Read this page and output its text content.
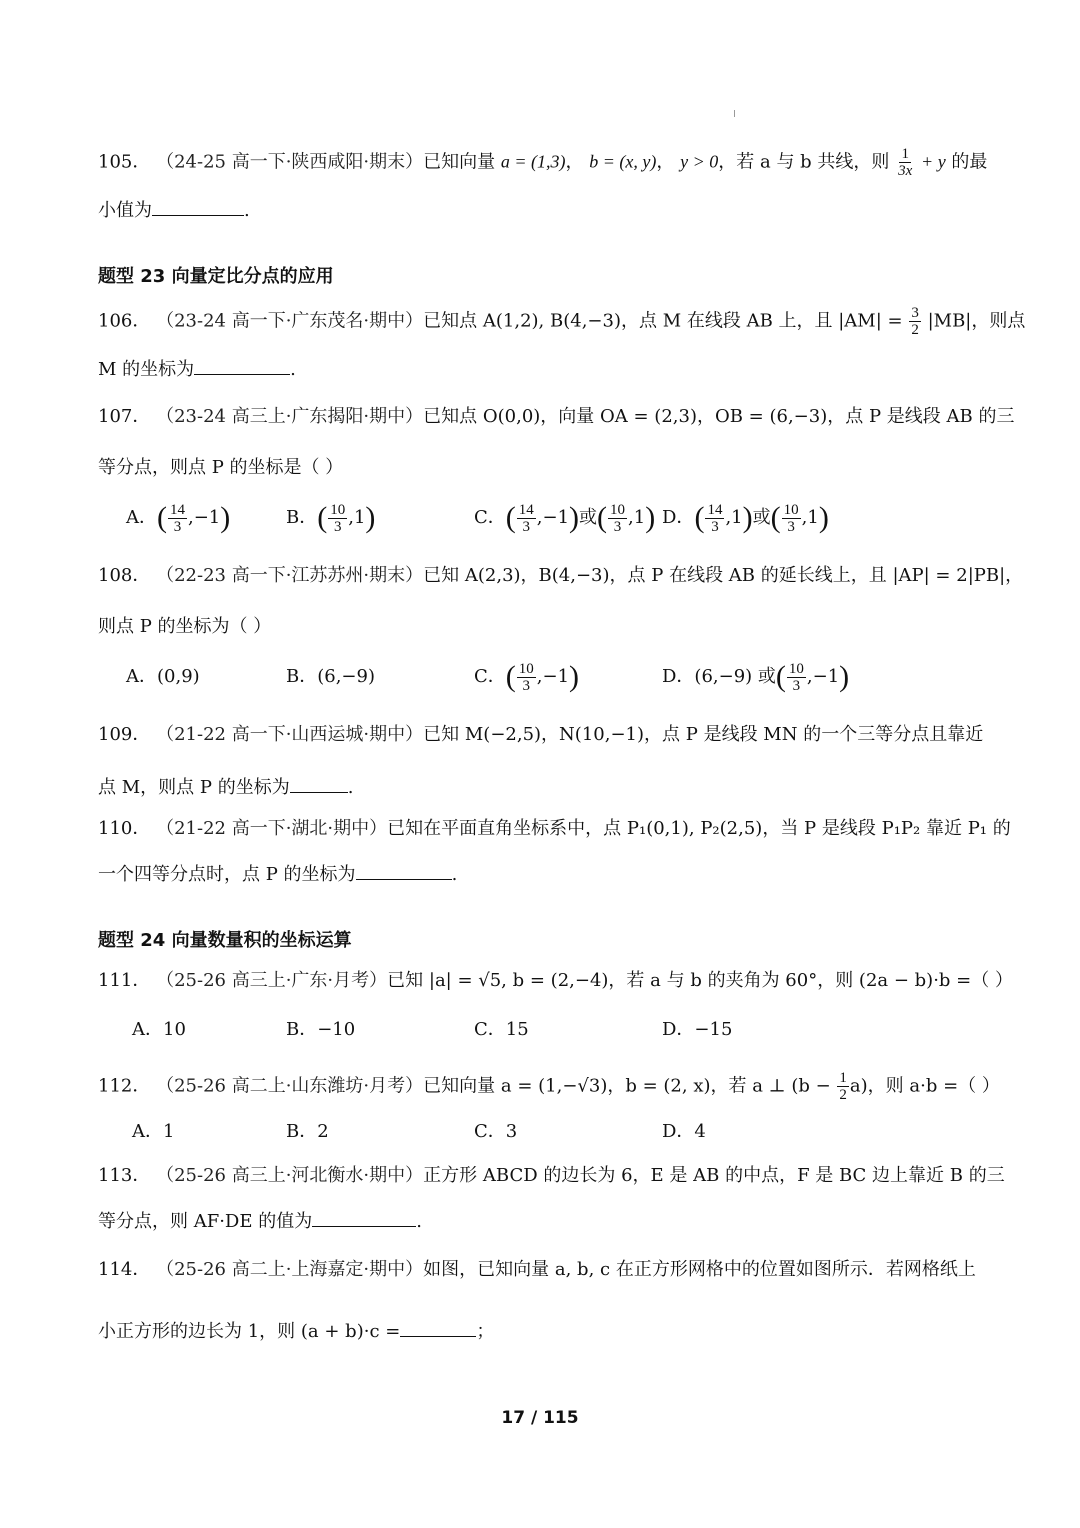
105． （24-25 高一下·陕西咸阳·期末）已知向量 a = (1,3)， b = (x, y)， y > 0，若 a 与 b 共线，则 $\frac{1}{3x} + y$ 的最
小值为	.
题型 23 向量定比分点的应用
106． （23-24 高一下·广东茂名·期中）已知点 A(1,2), B(4,−3)，点 M 在线段 AB 上，且 $|AM| = \frac{3}{2} |MB|$，则点
M 的坐标为	.
107． （23-24 高三上·广东揭阳·期中）已知点 O(0,0)，向量 OA = (2,3)，OB = (6,−3)，点 P 是线段 AB 的三
等分点，则点 P 的坐标是（ ）
A．( $\frac{14}{3} ,-1$)	B．( $\frac{10}{3} ,1$)	C．( $\frac{14}{3} ,-1$)或( $\frac{10}{3} ,1$) D．( $\frac{14}{3} ,1$)或( $\frac{10}{3} ,1$)
108． （22-23 高一下·江苏苏州·期末）已知 A(2,3)，B(4,−3)，点 P 在线段 AB 的延长线上，且 |AP| = 2|PB|，
则点 P 的坐标为（ ）
A．(0,9)	B．(6,−9)	C．( $\frac{10}{3} ,-1$)	D．(6,−9) 或( $\frac{10}{3} ,-1$)
109． （21-22 高一下·山西运城·期中）已知 M(−2,5)，N(10,−1)，点 P 是线段 MN 的一个三等分点且靠近
点 M，则点 P 的坐标为	.
110． （21-22 高一下·湖北·期中）已知在平面直角坐标系中，点 P₁(0,1), P₂(2,5)，当 P 是线段 P₁P₂ 靠近 P₁ 的
一个四等分点时，点 P 的坐标为	.
题型 24 向量数量积的坐标运算
111． （25-26 高三上·广东·月考）已知 |a| = √5, b = (2,−4)，若 a 与 b 的夹角为 60°，则 (2a − b)·b =（ ）
A．10	B．−10	C．15	D．−15
112． （25-26 高二上·山东潍坊·月考）已知向量 a = (1,−√3)，b = (2, x)，若 a ⊥ $(b - \frac{1}{2} a)$，则 a·b =（ ）
A．1	B．2	C．3	D．4
113． （25-26 高三上·河北衡水·期中）正方形 ABCD 的边长为 6，E 是 AB 的中点，F 是 BC 边上靠近 B 的三
等分点，则 AF·DE 的值为	.
114． （25-26 高二上·上海嘉定·期中）如图，已知向量 a, b, c 在正方形网格中的位置如图所示．若网格纸上
小正方形的边长为 1，则 (a + b)·c =	；
17 / 115
